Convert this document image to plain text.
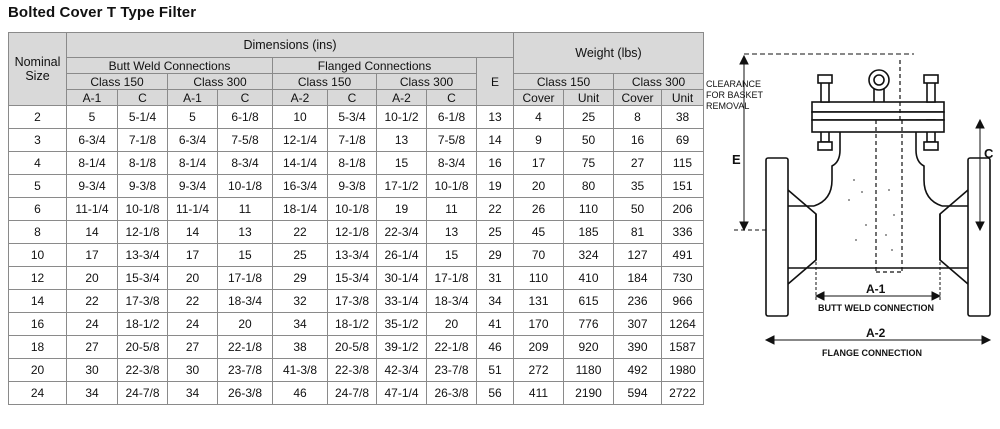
Bolted Cover T Type Filter
Nominal
Size	Dimensions (ins)									Weight (lbs)			
	Butt Weld Connections				Flanged Connections				E				
	Class 150		Class 300		Class 150		Class 300			Class 150		Class 300	
	A-1	C	A-1	C	A-2	C	A-2	C		Cover	Unit	Cover	Unit
2	5	5-1/4	5	6-1/8	10	5-3/4	10-1/2	6-1/8	13	4	25	8	38
3	6-3/4	7-1/8	6-3/4	7-5/8	12-1/4	7-1/8	13	7-5/8	14	9	50	16	69
4	8-1/4	8-1/8	8-1/4	8-3/4	14-1/4	8-1/8	15	8-3/4	16	17	75	27	115
5	9-3/4	9-3/8	9-3/4	10-1/8	16-3/4	9-3/8	17-1/2	10-1/8	19	20	80	35	151
6	11-1/4	10-1/8	11-1/4	11	18-1/4	10-1/8	19	11	22	26	110	50	206
8	14	12-1/8	14	13	22	12-1/8	22-3/4	13	25	45	185	81	336
10	17	13-3/4	17	15	25	13-3/4	26-1/4	15	29	70	324	127	491
12	20	15-3/4	20	17-1/8	29	15-3/4	30-1/4	17-1/8	31	110	410	184	730
14	22	17-3/8	22	18-3/4	32	17-3/8	33-1/4	18-3/4	34	131	615	236	966
16	24	18-1/2	24	20	34	18-1/2	35-1/2	20	41	170	776	307	1264
18	27	20-5/8	27	22-1/8	38	20-5/8	39-1/2	22-1/8	46	209	920	390	1587
20	30	22-3/8	30	23-7/8	41-3/8	22-3/8	42-3/4	23-7/8	51	272	1180	492	1980
24	34	24-7/8	34	26-3/8	46	24-7/8	47-1/4	26-3/8	56	411	2190	594	2722
CLEARANCE
FOR BASKET
REMOVAL
E	C
A-1
BUTT WELD CONNECTION
A-2
FLANGE CONNECTION
